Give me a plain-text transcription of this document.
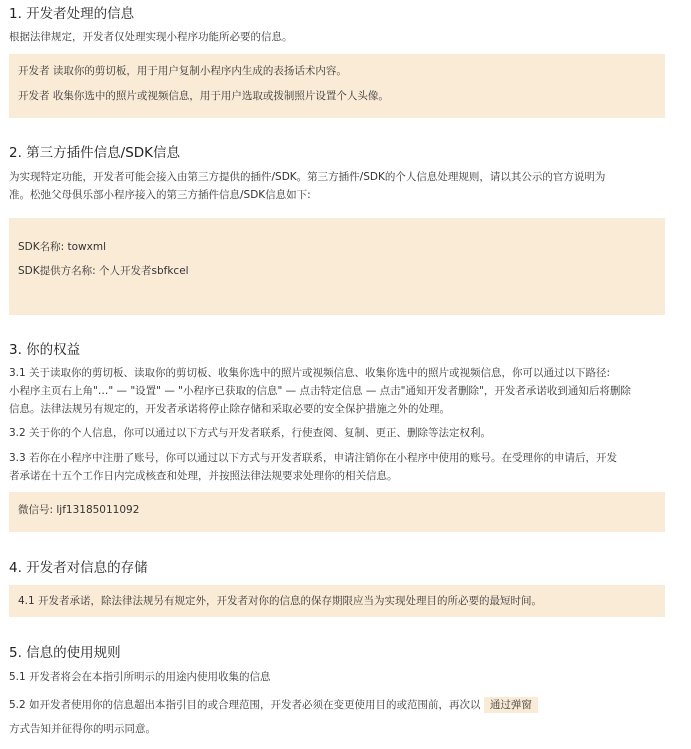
1. 开发者处理的信息

根据法律规定，开发者仅处理实现小程序功能所必要的信息。

开发者 读取你的剪切板，用于用户复制小程序内生成的表扬话术内容。
开发者 收集你选中的照片或视频信息，用于用户选取或拨制照片设置个人头像。
2. 第三方插件信息/SDK信息

为实现特定功能，开发者可能会接入由第三方提供的插件/SDK。第三方插件/SDK的个人信息处理规则，请以其公示的官方说明为

准。松弛父母俱乐部小程序接入的第三方插件信息/SDK信息如下:

SDK名称: towxml
SDK提供方名称: 个人开发者sbfkcel
3. 你的权益

3.1 关于读取你的剪切板、读取你的剪切板、收集你选中的照片或视频信息、收集你选中的照片或视频信息，你可以通过以下路径:

小程序主页右上角"…" — "设置" — "小程序已获取的信息" — 点击特定信息 — 点击"通知开发者删除"，开发者承诺收到通知后将删除

信息。法律法规另有规定的，开发者承诺将停止除存储和采取必要的安全保护措施之外的处理。

3.2 关于你的个人信息，你可以通过以下方式与开发者联系，行使查阅、复制、更正、删除等法定权利。

3.3 若你在小程序中注册了账号，你可以通过以下方式与开发者联系，申请注销你在小程序中使用的账号。在受理你的申请后，开发

者承诺在十五个工作日内完成核查和处理，并按照法律法规要求处理你的相关信息。

微信号: ljf13185011092
4. 开发者对信息的存储
4.1 开发者承诺，除法律法规另有规定外，开发者对你的信息的保存期限应当为实现处理目的所必要的最短时间。
5. 信息的使用规则

5.1 开发者将会在本指引所明示的用途内使用收集的信息

5.2 如开发者使用你的信息超出本指引目的或合理范围，开发者必须在变更使用目的或范围前，再次以 通过弹窗

方式告知并征得你的明示同意。
